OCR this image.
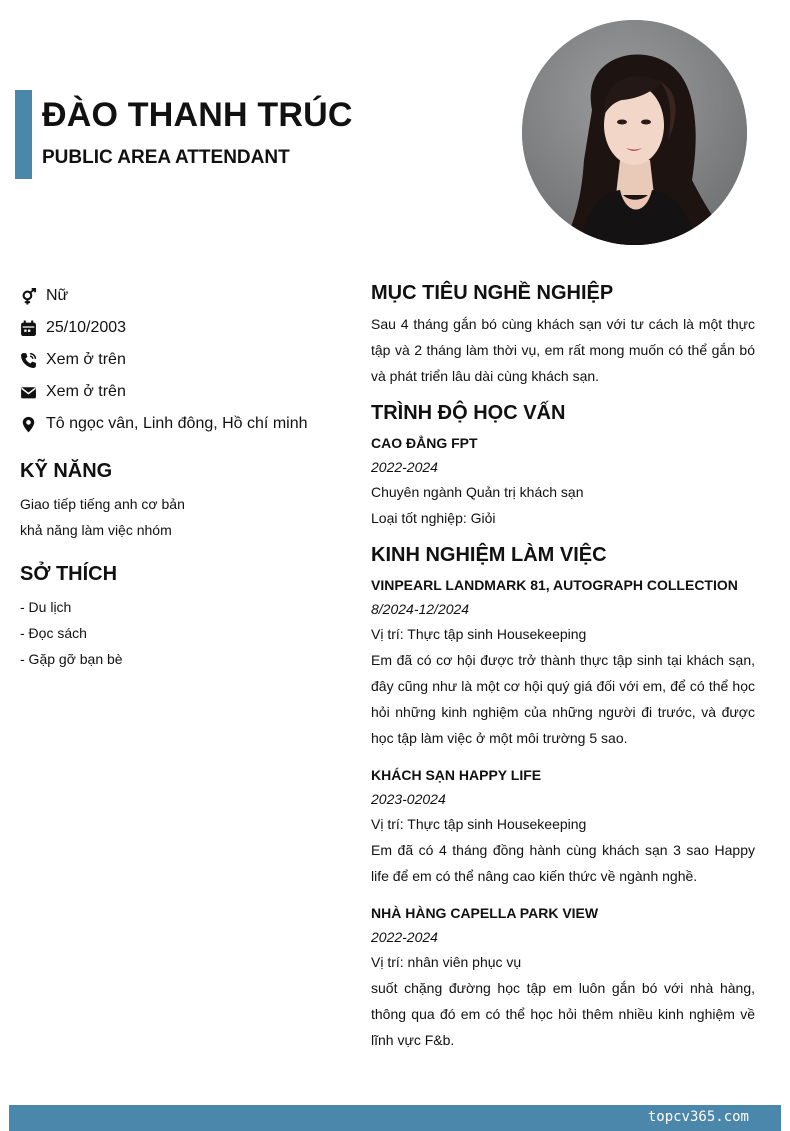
ĐÀO THANH TRÚC
PUBLIC AREA ATTENDANT
Nữ
25/10/2003
Xem ở trên
Xem ở trên
Tô ngọc vân, Linh đông, Hồ chí minh
KỸ NĂNG
Giao tiếp tiếng anh cơ bản
khả năng làm việc nhóm
SỞ THÍCH
- Du lịch
- Đọc sách
- Gặp gỡ bạn bè
MỤC TIÊU NGHỀ NGHIỆP

Sau 4 tháng gắn bó cùng khách sạn với tư cách là một thực tập và 2 tháng làm thời vụ, em rất mong muốn có thể gắn bó và phát triển lâu dài cùng khách sạn.

TRÌNH ĐỘ HỌC VẤN
CAO ĐẲNG FPT
2022-2024
Chuyên ngành Quản trị khách sạn
Loại tốt nghiệp: Giỏi
KINH NGHIỆM LÀM VIỆC
VINPEARL LANDMARK 81, AUTOGRAPH COLLECTION
8/2024-12/2024
Vị trí: Thực tập sinh Housekeeping

Em đã có cơ hội được trở thành thực tập sinh tại khách sạn, đây cũng như là một cơ hội quý giá đối với em, để có thể học hỏi những kinh nghiệm của những người đi trước, và được học tập làm việc ở một môi trường 5 sao.

KHÁCH SẠN HAPPY LIFE
2023-02024
Vị trí: Thực tập sinh Housekeeping

Em đã có 4 tháng đồng hành cùng khách sạn 3 sao Happy life để em có thể nâng cao kiến thức về ngành nghề.

NHÀ HÀNG CAPELLA PARK VIEW
2022-2024
Vị trí: nhân viên phục vụ

suốt chặng đường học tập em luôn gắn bó với nhà hàng, thông qua đó em có thể học hỏi thêm nhiều kinh nghiệm về lĩnh vực F&b.

topcv365.com
